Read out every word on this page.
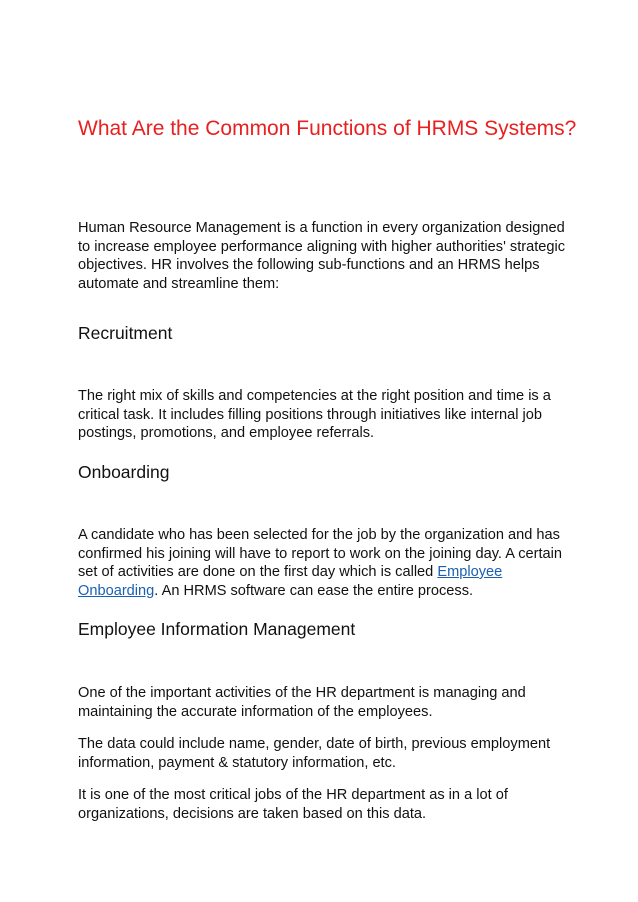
What Are the Common Functions of HRMS Systems?

Human Resource Management is a function in every organization designed to increase employee performance aligning with higher authorities' strategic objectives. HR involves the following sub-functions and an HRMS helps automate and streamline them:

Recruitment

The right mix of skills and competencies at the right position and time is a critical task. It includes filling positions through initiatives like internal job postings, promotions, and employee referrals.

Onboarding

A candidate who has been selected for the job by the organization and has confirmed his joining will have to report to work on the joining day. A certain set of activities are done on the first day which is called Employee Onboarding. An HRMS software can ease the entire process.

Employee Information Management

One of the important activities of the HR department is managing and maintaining the accurate information of the employees.

The data could include name, gender, date of birth, previous employment information, payment & statutory information, etc.

It is one of the most critical jobs of the HR department as in a lot of organizations, decisions are taken based on this data.
